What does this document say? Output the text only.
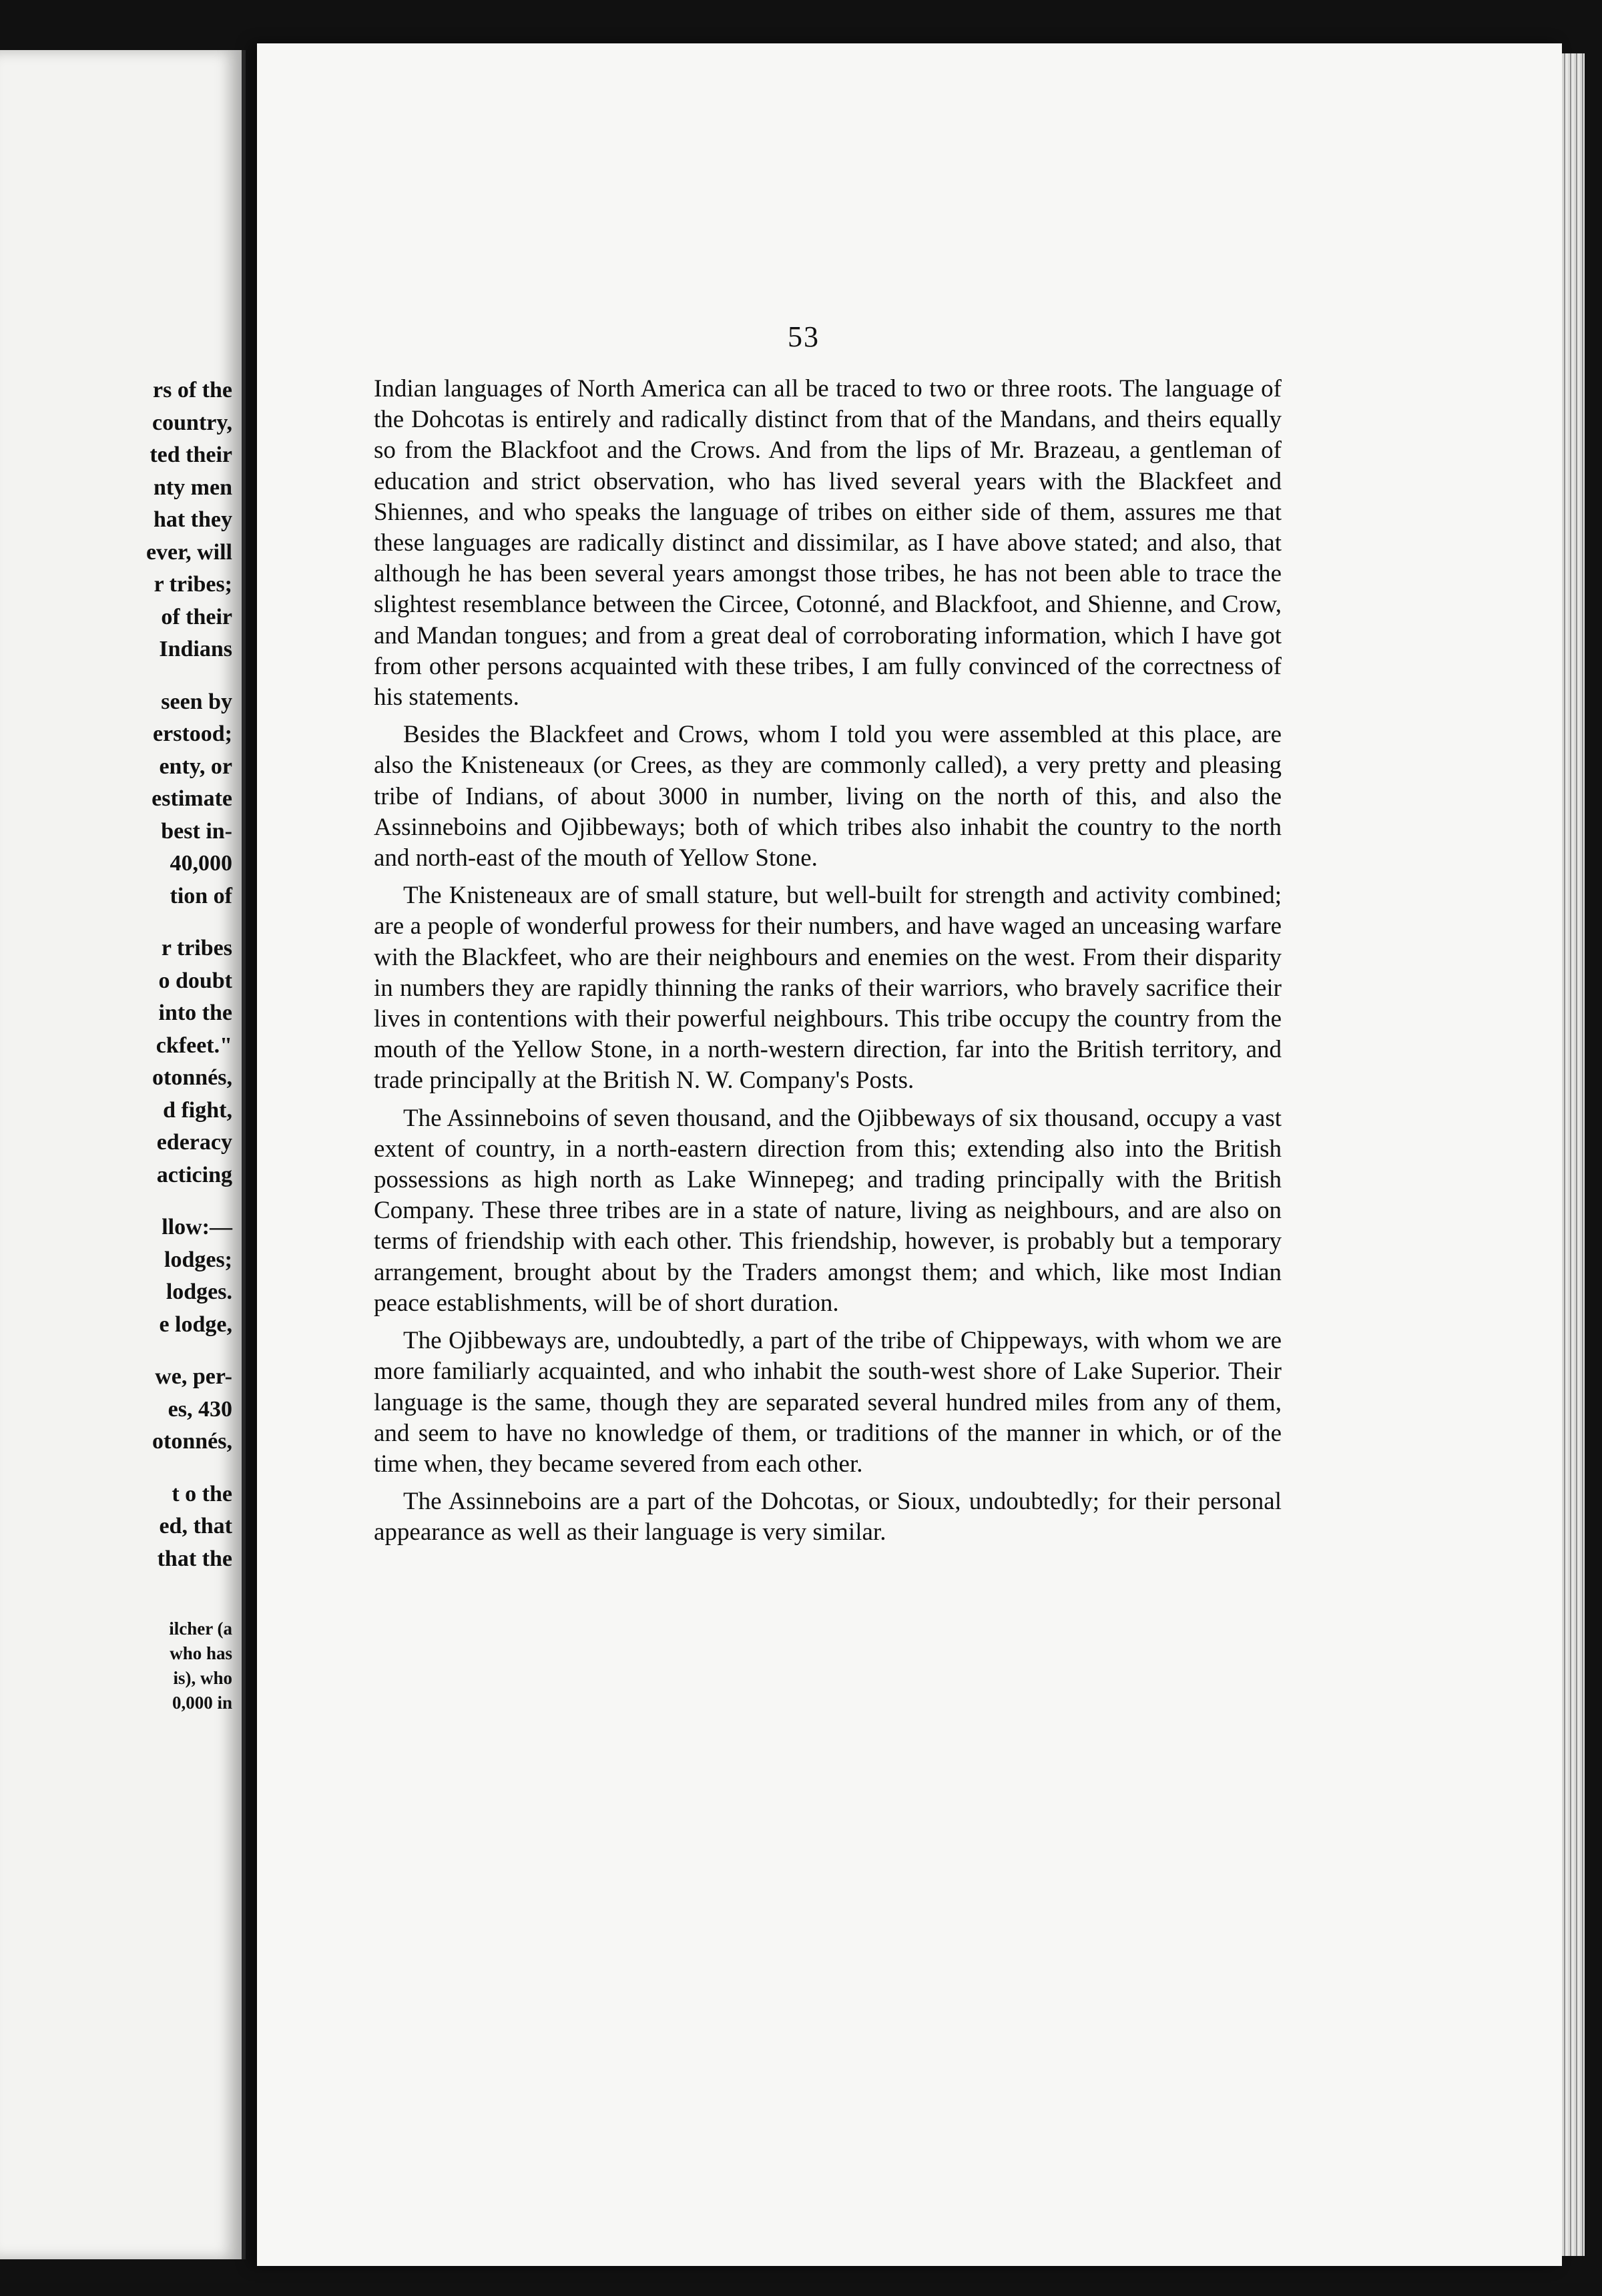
rs of the

country,

ted their

nty men

hat they

ever, will

r tribes;

of their

Indians

seen by

erstood;

enty, or

estimate

best in-

40,000

tion of

r tribes

o doubt

into the

ckfeet."

otonnés,

d fight,

ederacy

acticing

llow:—

lodges;

lodges.

e lodge,

we, per-

es, 430

otonnés,

t o the

ed, that

that the

ilcher (a

who has

is), who

0,000 in

53

Indian languages of North America can all be traced to two or three roots. The language of the Dohcotas is entirely and radically distinct from that of the Mandans, and theirs equally so from the Blackfoot and the Crows. And from the lips of Mr. Brazeau, a gentleman of education and strict observation, who has lived several years with the Blackfeet and Shiennes, and who speaks the language of tribes on either side of them, assures me that these languages are radically distinct and dissimilar, as I have above stated; and also, that although he has been several years amongst those tribes, he has not been able to trace the slightest resemblance between the Circee, Cotonné, and Blackfoot, and Shienne, and Crow, and Mandan tongues; and from a great deal of corroborating information, which I have got from other persons acquainted with these tribes, I am fully convinced of the correctness of his statements.

Besides the Blackfeet and Crows, whom I told you were assembled at this place, are also the Knisteneaux (or Crees, as they are commonly called), a very pretty and pleasing tribe of Indians, of about 3000 in number, living on the north of this, and also the Assinneboins and Ojibbeways; both of which tribes also inhabit the country to the north and north-east of the mouth of Yellow Stone.

The Knisteneaux are of small stature, but well-built for strength and activity combined; are a people of wonderful prowess for their numbers, and have waged an unceasing warfare with the Blackfeet, who are their neighbours and enemies on the west. From their disparity in numbers they are rapidly thinning the ranks of their warriors, who bravely sacrifice their lives in contentions with their powerful neighbours. This tribe occupy the country from the mouth of the Yellow Stone, in a north-western direction, far into the British territory, and trade principally at the British N. W. Company's Posts.

The Assinneboins of seven thousand, and the Ojibbeways of six thousand, occupy a vast extent of country, in a north-eastern direction from this; extending also into the British possessions as high north as Lake Winnepeg; and trading principally with the British Company. These three tribes are in a state of nature, living as neighbours, and are also on terms of friendship with each other. This friendship, however, is probably but a temporary arrangement, brought about by the Traders amongst them; and which, like most Indian peace establishments, will be of short duration.

The Ojibbeways are, undoubtedly, a part of the tribe of Chippeways, with whom we are more familiarly acquainted, and who inhabit the south-west shore of Lake Superior. Their language is the same, though they are separated several hundred miles from any of them, and seem to have no knowledge of them, or traditions of the manner in which, or of the time when, they became severed from each other.

The Assinneboins are a part of the Dohcotas, or Sioux, undoubtedly; for their personal appearance as well as their language is very similar.
